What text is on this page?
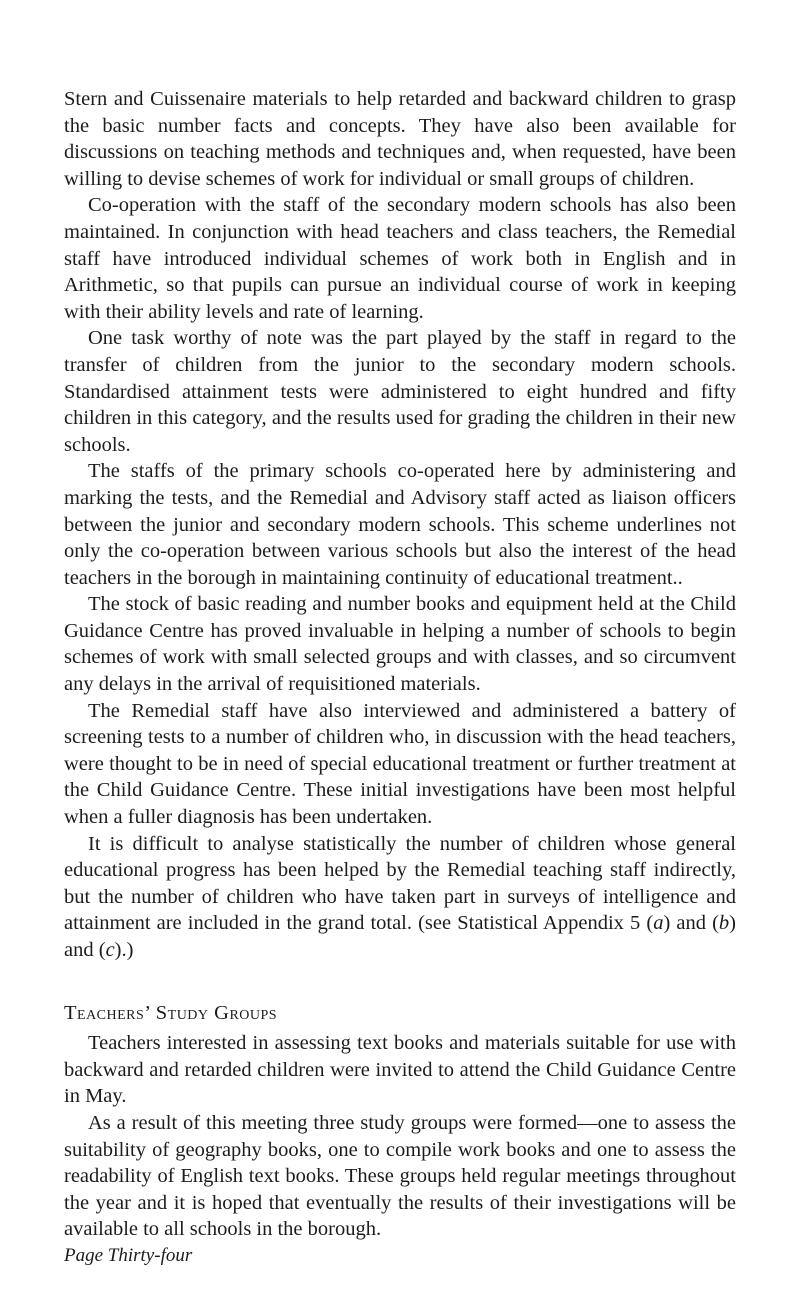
Stern and Cuissenaire materials to help retarded and backward children to grasp the basic number facts and concepts. They have also been available for discussions on teaching methods and techniques and, when requested, have been willing to devise schemes of work for individual or small groups of children.

Co-operation with the staff of the secondary modern schools has also been maintained. In conjunction with head teachers and class teachers, the Remedial staff have introduced individual schemes of work both in English and in Arithmetic, so that pupils can pursue an individual course of work in keeping with their ability levels and rate of learning.

One task worthy of note was the part played by the staff in regard to the transfer of children from the junior to the secondary modern schools. Standardised attainment tests were administered to eight hundred and fifty children in this category, and the results used for grading the children in their new schools.

The staffs of the primary schools co-operated here by administering and marking the tests, and the Remedial and Advisory staff acted as liaison officers between the junior and secondary modern schools. This scheme underlines not only the co-operation between various schools but also the interest of the head teachers in the borough in maintaining continuity of educational treatment..

The stock of basic reading and number books and equipment held at the Child Guidance Centre has proved invaluable in helping a number of schools to begin schemes of work with small selected groups and with classes, and so circumvent any delays in the arrival of requisitioned materials.

The Remedial staff have also interviewed and administered a battery of screening tests to a number of children who, in discussion with the head teachers, were thought to be in need of special educational treatment or further treatment at the Child Guidance Centre. These initial investigations have been most helpful when a fuller diagnosis has been undertaken.

It is difficult to analyse statistically the number of children whose general educational progress has been helped by the Remedial teaching staff indirectly, but the number of children who have taken part in surveys of intelligence and attainment are included in the grand total. (see Statistical Appendix 5 (a) and (b) and (c).)

Teachers’ Study Groups

Teachers interested in assessing text books and materials suitable for use with backward and retarded children were invited to attend the Child Guidance Centre in May.

As a result of this meeting three study groups were formed—one to assess the suitability of geography books, one to compile work books and one to assess the readability of English text books. These groups held regular meetings throughout the year and it is hoped that eventually the results of their investigations will be available to all schools in the borough.

Page Thirty-four
